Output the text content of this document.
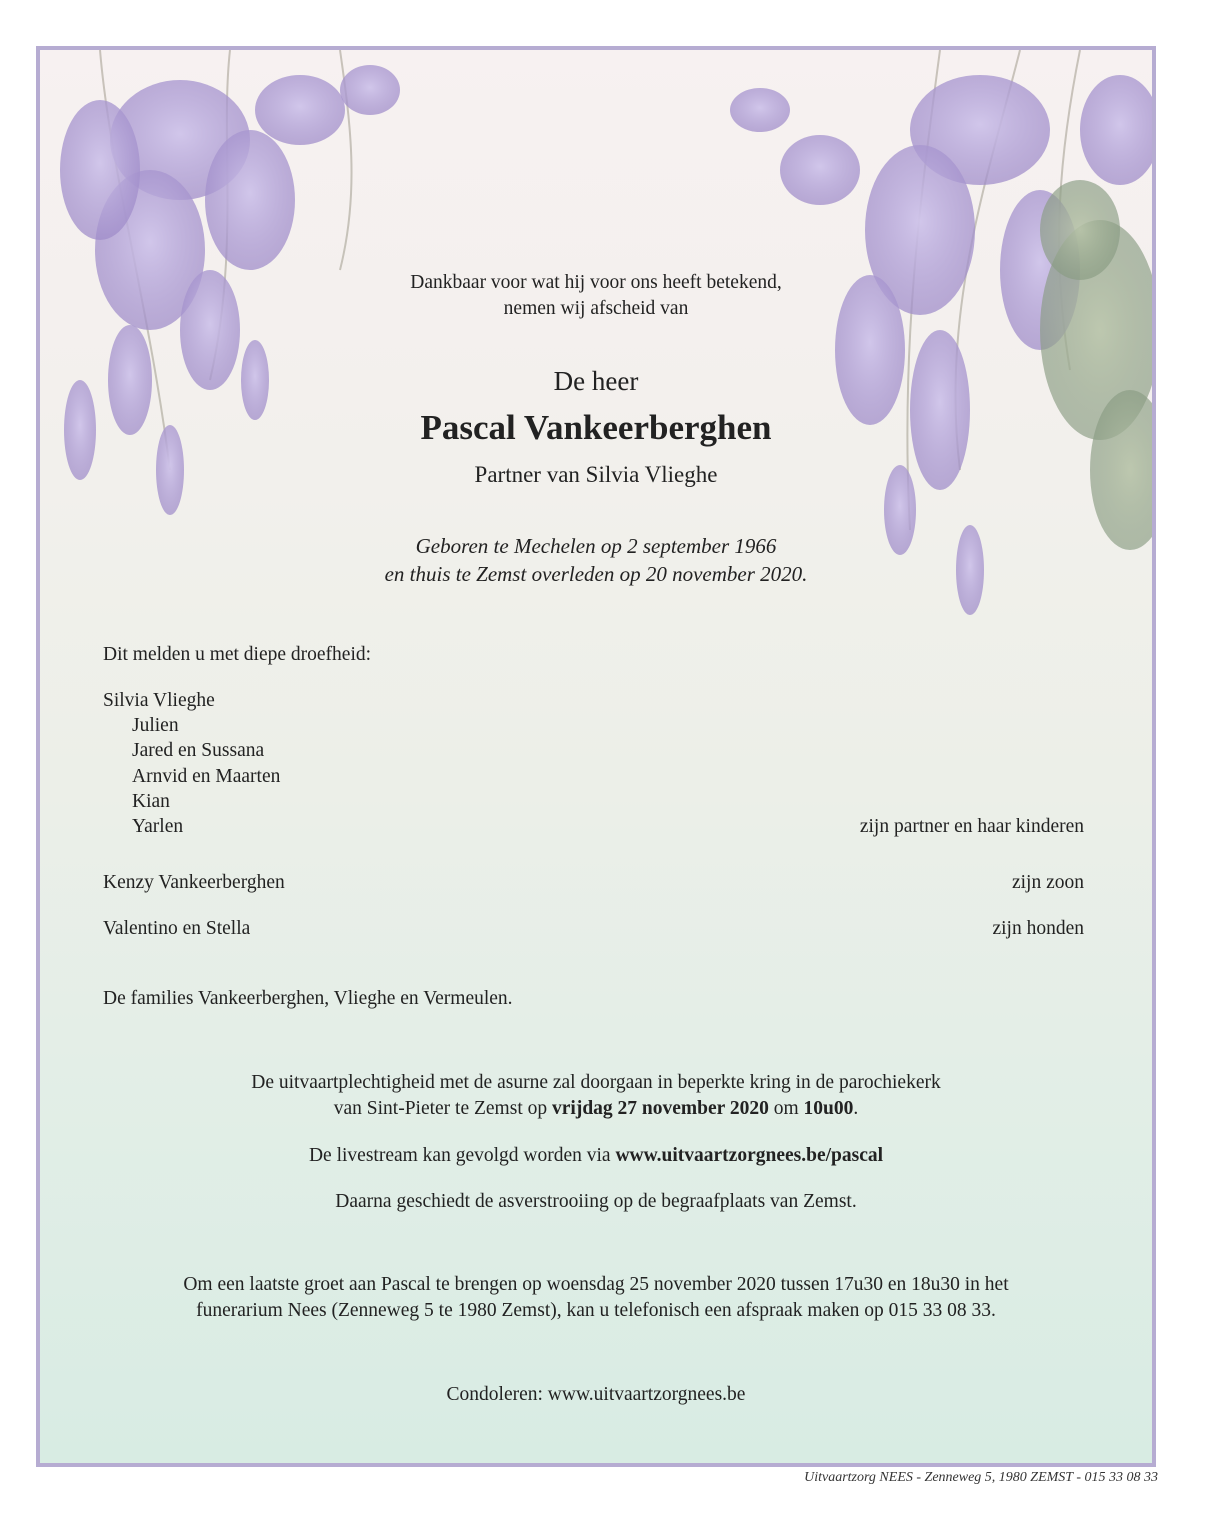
Dankbaar voor wat hij voor ons heeft betekend,
nemen wij afscheid van
De heer
Pascal Vankeerberghen
Partner van Silvia Vlieghe
Geboren te Mechelen op 2 september 1966
en thuis te Zemst overleden op 20 november 2020.
Dit melden u met diepe droefheid:
Silvia Vlieghe
Julien
Jared en Sussana
Arnvid en Maarten
Kian
Yarlen	zijn partner en haar kinderen
Kenzy Vankeerberghen	zijn zoon
Valentino en Stella	zijn honden
De families Vankeerberghen, Vlieghe en Vermeulen.
De uitvaartplechtigheid met de asurne zal doorgaan in beperkte kring in de parochiekerk
van Sint-Pieter te Zemst op vrijdag 27 november 2020 om 10u00.
De livestream kan gevolgd worden via www.uitvaartzorgnees.be/pascal
Daarna geschiedt de asverstrooiing op de begraafplaats van Zemst.
Om een laatste groet aan Pascal te brengen op woensdag 25 november 2020 tussen 17u30 en 18u30 in het
funerarium Nees (Zenneweg 5 te 1980 Zemst), kan u telefonisch een afspraak maken op 015 33 08 33.
Condoleren: www.uitvaartzorgnees.be
Uitvaartzorg NEES - Zenneweg 5, 1980 ZEMST - 015 33 08 33
